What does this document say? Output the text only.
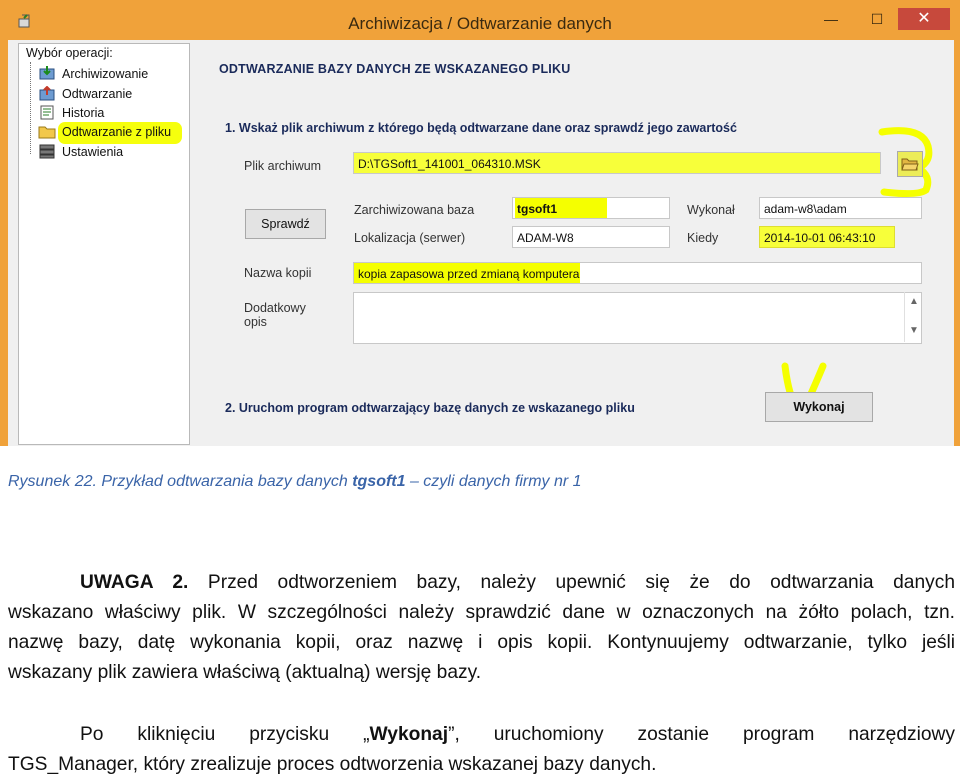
Archiwizacja / Odtwarzanie danych	—	☐	✕
Wybór operacji:
Archiwizowanie
Odtwarzanie
Historia
Odtwarzanie z pliku
Ustawienia
ODTWARZANIE BAZY DANYCH ZE WSKAZANEGO PLIKU
1. Wskaż plik archiwum z którego będą odtwarzane dane oraz sprawdź jego zawartość
Plik archiwum	D:\TGSoft1_141001_064310.MSK
Sprawdź
Zarchiwizowana baza	tgsoft1
Lokalizacja (serwer)	ADAM-W8
Wykonał	adam-w8\adam
Kiedy	2014-10-01 06:43:10
Nazwa kopii	kopia zapasowa przed zmianą komputera
Dodatkowy
opis
▲
▼
2. Uruchom program odtwarzający bazę danych ze wskazanego pliku	Wykonaj
Rysunek 22. Przykład odtwarzania bazy danych tgsoft1 – czyli danych firmy nr 1
UWAGA 2. Przed odtworzeniem bazy, należy upewnić się że do odtwarzania danych
wskazano właściwy plik. W szczególności należy sprawdzić dane w oznaczonych na żółto polach, tzn.
nazwę bazy, datę wykonania kopii, oraz nazwę i opis kopii. Kontynuujemy odtwarzanie, tylko jeśli
wskazany plik zawiera właściwą (aktualną) wersję bazy.
Po kliknięciu przycisku „Wykonaj”, uruchomiony zostanie program narzędziowy
TGS_Manager, który zrealizuje proces odtworzenia wskazanej bazy danych.
